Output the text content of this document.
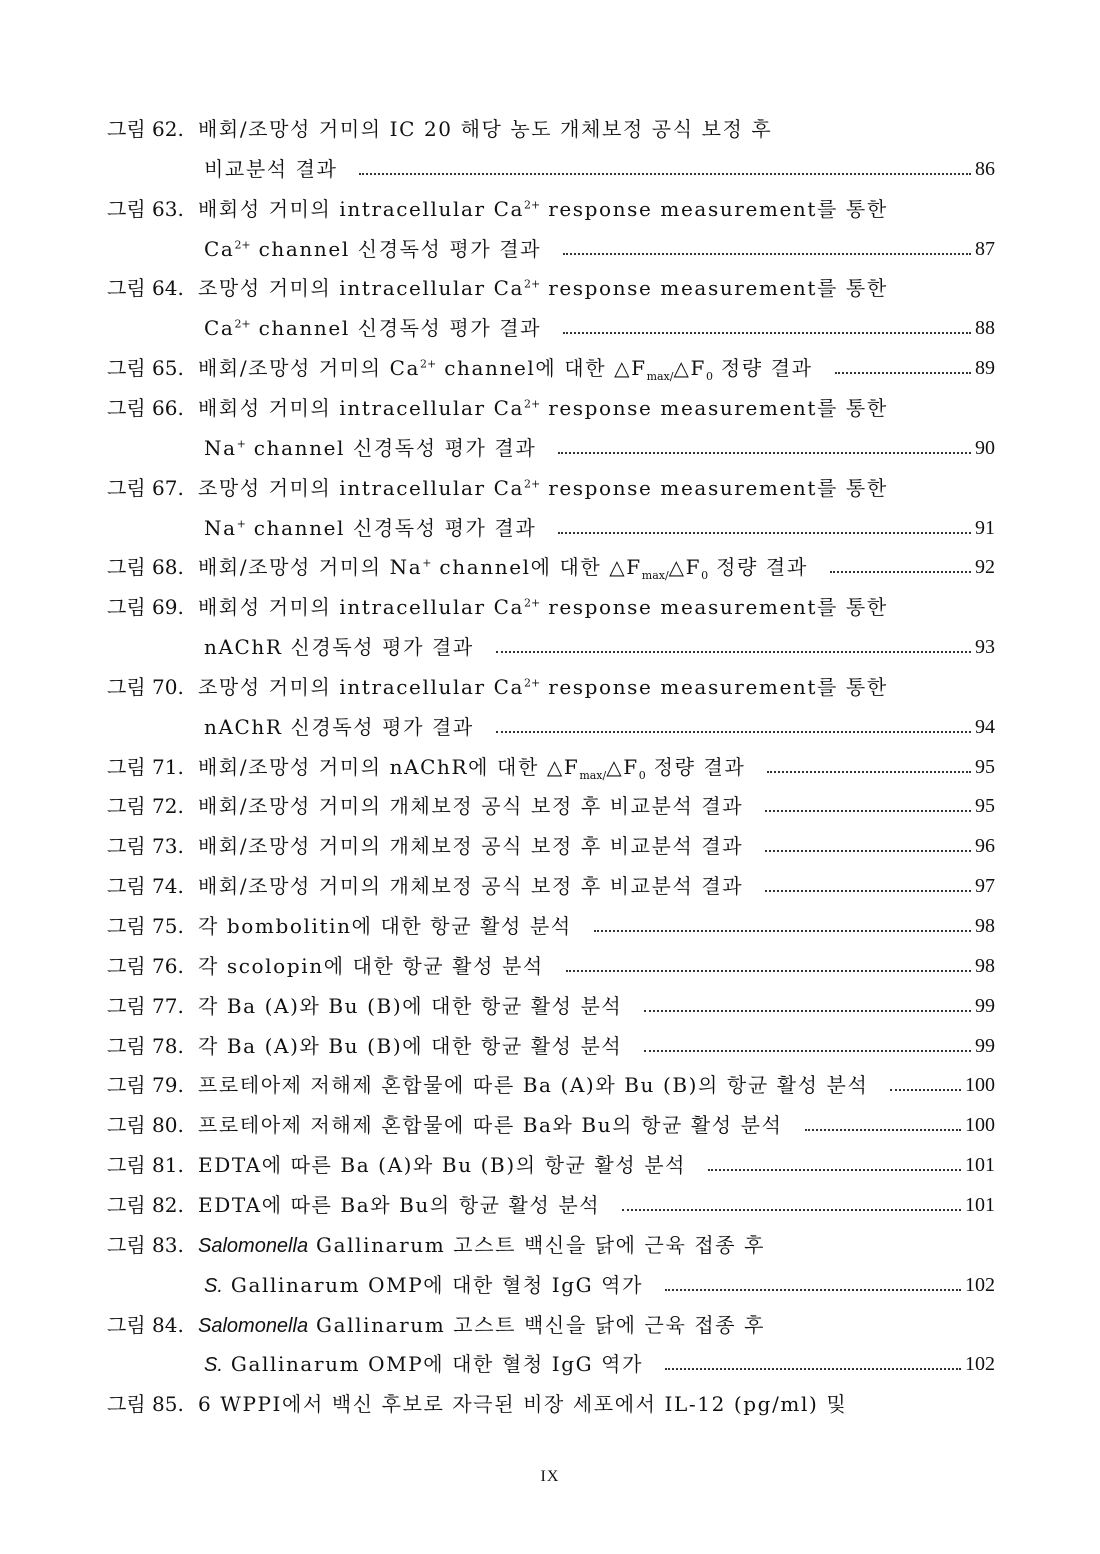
그림 62. 배회/조망성 거미의 IC 20 해당 농도 개체보정 공식 보정 후
비교분석 결과	86
그림 63. 배회성 거미의 intracellular $Ca^{2+}$ response measurement를 통한
$Ca^{2+}$ channel 신경독성 평가 결과	87
그림 64. 조망성 거미의 intracellular $Ca^{2+}$ response measurement를 통한
$Ca^{2+}$ channel 신경독성 평가 결과	88
그림 65. 배회/조망성 거미의 $Ca^{2+}$ channel에 대한 $\triangle F_{max/}\triangle F_0$ 정량 결과	89
그림 66. 배회성 거미의 intracellular $Ca^{2+}$ response measurement를 통한
Na+ channel 신경독성 평가 결과	90
그림 67. 조망성 거미의 intracellular $Ca^{2+}$ response measurement를 통한
Na+ channel 신경독성 평가 결과	91
그림 68. 배회/조망성 거미의 Na+ channel에 대한 $\triangle F_{max/}\triangle F_0$ 정량 결과	92
그림 69. 배회성 거미의 intracellular $Ca^{2+}$ response measurement를 통한
nAChR 신경독성 평가 결과	93
그림 70. 조망성 거미의 intracellular $Ca^{2+}$ response measurement를 통한
nAChR 신경독성 평가 결과	94
그림 71. 배회/조망성 거미의 nAChR에 대한 $\triangle F_{max/}\triangle F_0$ 정량 결과	95
그림 72. 배회/조망성 거미의 개체보정 공식 보정 후 비교분석 결과	95
그림 73. 배회/조망성 거미의 개체보정 공식 보정 후 비교분석 결과	96
그림 74. 배회/조망성 거미의 개체보정 공식 보정 후 비교분석 결과	97
그림 75. 각 bombolitin에 대한 항균 활성 분석	98
그림 76. 각 scolopin에 대한 항균 활성 분석	98
그림 77. 각 Ba (A)와 Bu (B)에 대한 항균 활성 분석	99
그림 78. 각 Ba (A)와 Bu (B)에 대한 항균 활성 분석	99
그림 79. 프로테아제 저해제 혼합물에 따른 Ba (A)와 Bu (B)의 항균 활성 분석	100
그림 80. 프로테아제 저해제 혼합물에 따른 Ba와 Bu의 항균 활성 분석	100
그림 81. EDTA에 따른 Ba (A)와 Bu (B)의 항균 활성 분석	101
그림 82. EDTA에 따른 Ba와 Bu의 항균 활성 분석	101
그림 83. Salomonella Gallinarum 고스트 백신을 닭에 근육 접종 후
S. Gallinarum OMP에 대한 혈청 IgG 역가	102
그림 84. Salomonella Gallinarum 고스트 백신을 닭에 근육 접종 후
S. Gallinarum OMP에 대한 혈청 IgG 역가	102
그림 85. 6 WPPI에서 백신 후보로 자극된 비장 세포에서 IL-12 (pg/ml) 및
IX
